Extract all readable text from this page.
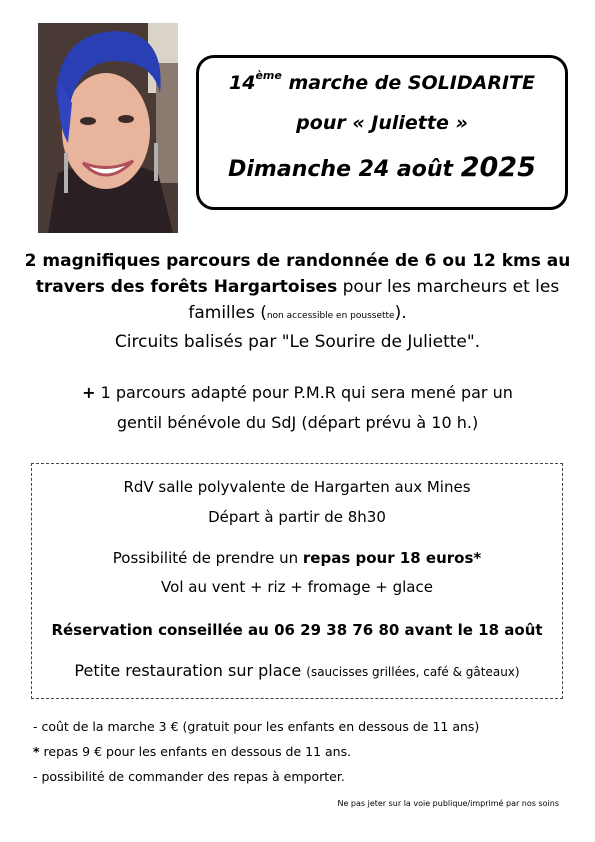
14ème marche de SOLIDARITE
pour « Juliette »
Dimanche 24 août 2025
2 magnifiques parcours de randonnée de 6 ou 12 kms au travers des forêts Hargartoises pour les marcheurs et les familles (non accessible en poussette).
Circuits balisés par "Le Sourire de Juliette".
+ 1 parcours adapté pour P.M.R qui sera mené par un
gentil bénévole du SdJ (départ prévu à 10 h.)
RdV salle polyvalente de Hargarten aux Mines
Départ à partir de 8h30
Possibilité de prendre un repas pour 18 euros*
Vol au vent + riz + fromage + glace
Réservation conseillée au 06 29 38 76 80 avant le 18 août
Petite restauration sur place (saucisses grillées, café & gâteaux)
- coût de la marche 3 € (gratuit pour les enfants en dessous de 11 ans)
* repas 9 € pour les enfants en dessous de 11 ans.
- possibilité de commander des repas à emporter.
Ne pas jeter sur la voie publique/imprimé par nos soins
